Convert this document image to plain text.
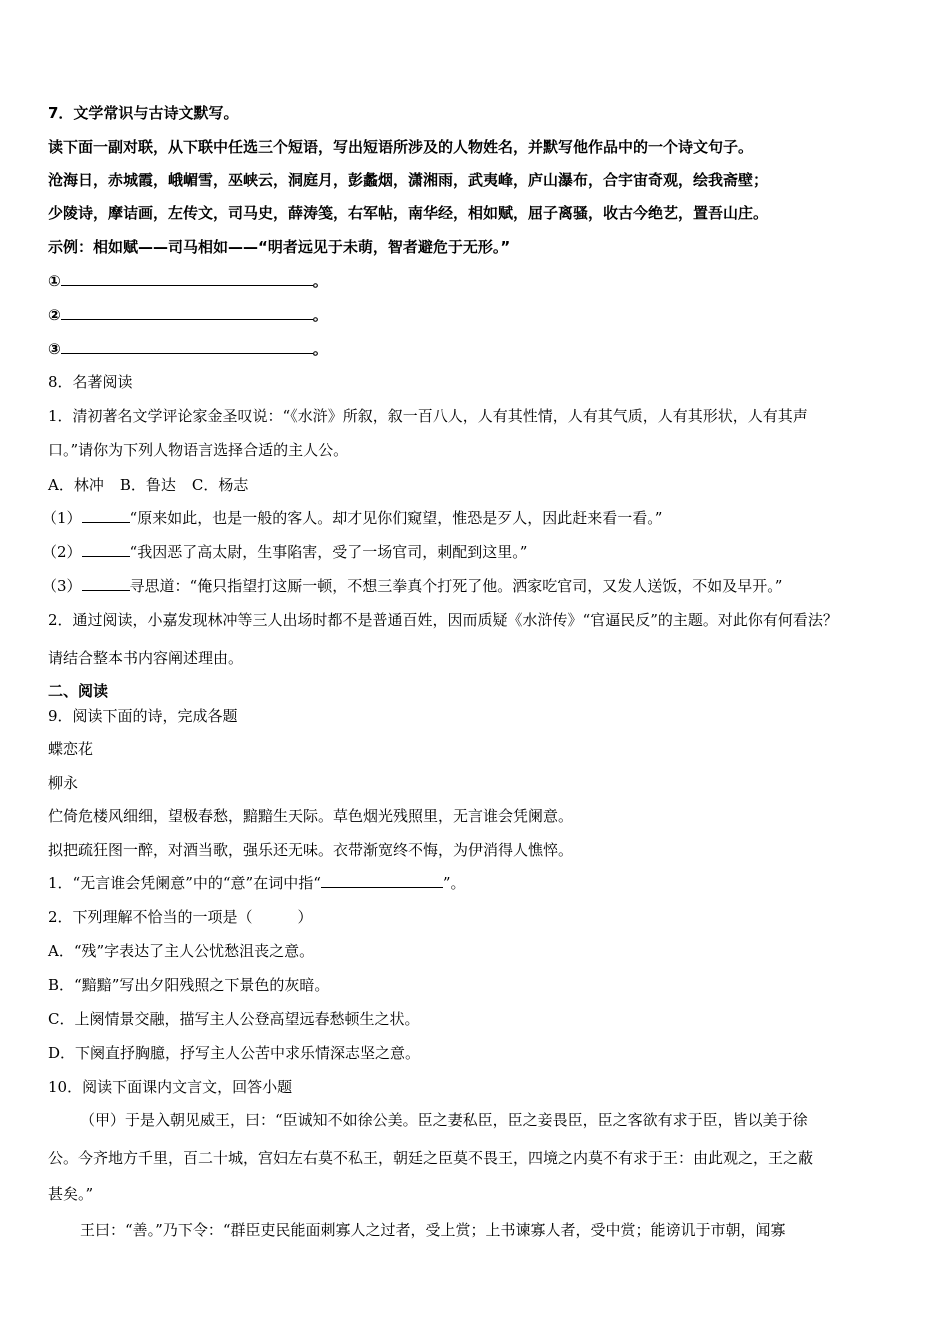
7．文学常识与古诗文默写。
读下面一副对联，从下联中任选三个短语，写出短语所涉及的人物姓名，并默写他作品中的一个诗文句子。
沧海日，赤城霞，峨嵋雪，巫峡云，洞庭月，彭蠡烟，潇湘雨，武夷峰，庐山瀑布，合宇宙奇观，绘我斋壁；
少陵诗，摩诘画，左传文，司马史，薛涛笺，右军帖，南华经，相如赋，屈子离骚，收古今绝艺，置吾山庄。
示例：相如赋——司马相如——“明者远见于未萌，智者避危于无形。”
①	。
②	。
③	。
8．名著阅读
1．清初著名文学评论家金圣叹说：“《水浒》所叙，叙一百八人，人有其性情，人有其气质，人有其形状，人有其声
口。”请你为下列人物语言选择合适的主人公。
A．林冲 B．鲁达 C．杨志
（1）	“原来如此，也是一般的客人。却才见你们窥望，惟恐是歹人，因此赶来看一看。”
（2）	“我因恶了高太尉，生事陷害，受了一场官司，刺配到这里。”
（3）	寻思道：“俺只指望打这厮一顿，不想三拳真个打死了他。洒家吃官司，又发人送饭，不如及早开。”
2．通过阅读，小嘉发现林冲等三人出场时都不是普通百姓，因而质疑《水浒传》“官逼民反”的主题。对此你有何看法？
请结合整本书内容阐述理由。
二、阅读
9．阅读下面的诗，完成各题
蝶恋花
柳永
伫倚危楼风细细，望极春愁，黯黯生天际。草色烟光残照里，无言谁会凭阑意。
拟把疏狂图一醉，对酒当歌，强乐还无味。衣带渐宽终不悔，为伊消得人憔悴。
1．“无言谁会凭阑意”中的“意”在词中指“	”。
2．下列理解不恰当的一项是（　　　）
A．“残”字表达了主人公忧愁沮丧之意。
B．“黯黯”写出夕阳残照之下景色的灰暗。
C．上阕情景交融，描写主人公登高望远春愁顿生之状。
D．下阕直抒胸臆，抒写主人公苦中求乐情深志坚之意。
10．阅读下面课内文言文，回答小题
（甲）于是入朝见威王，曰：“臣诚知不如徐公美。臣之妻私臣，臣之妾畏臣，臣之客欲有求于臣，皆以美于徐
公。今齐地方千里，百二十城，宫妇左右莫不私王，朝廷之臣莫不畏王，四境之内莫不有求于王：由此观之，王之蔽
甚矣。”
王曰：“善。”乃下令：“群臣吏民能面刺寡人之过者，受上赏；上书谏寡人者，受中赏；能谤讥于市朝，闻寡
